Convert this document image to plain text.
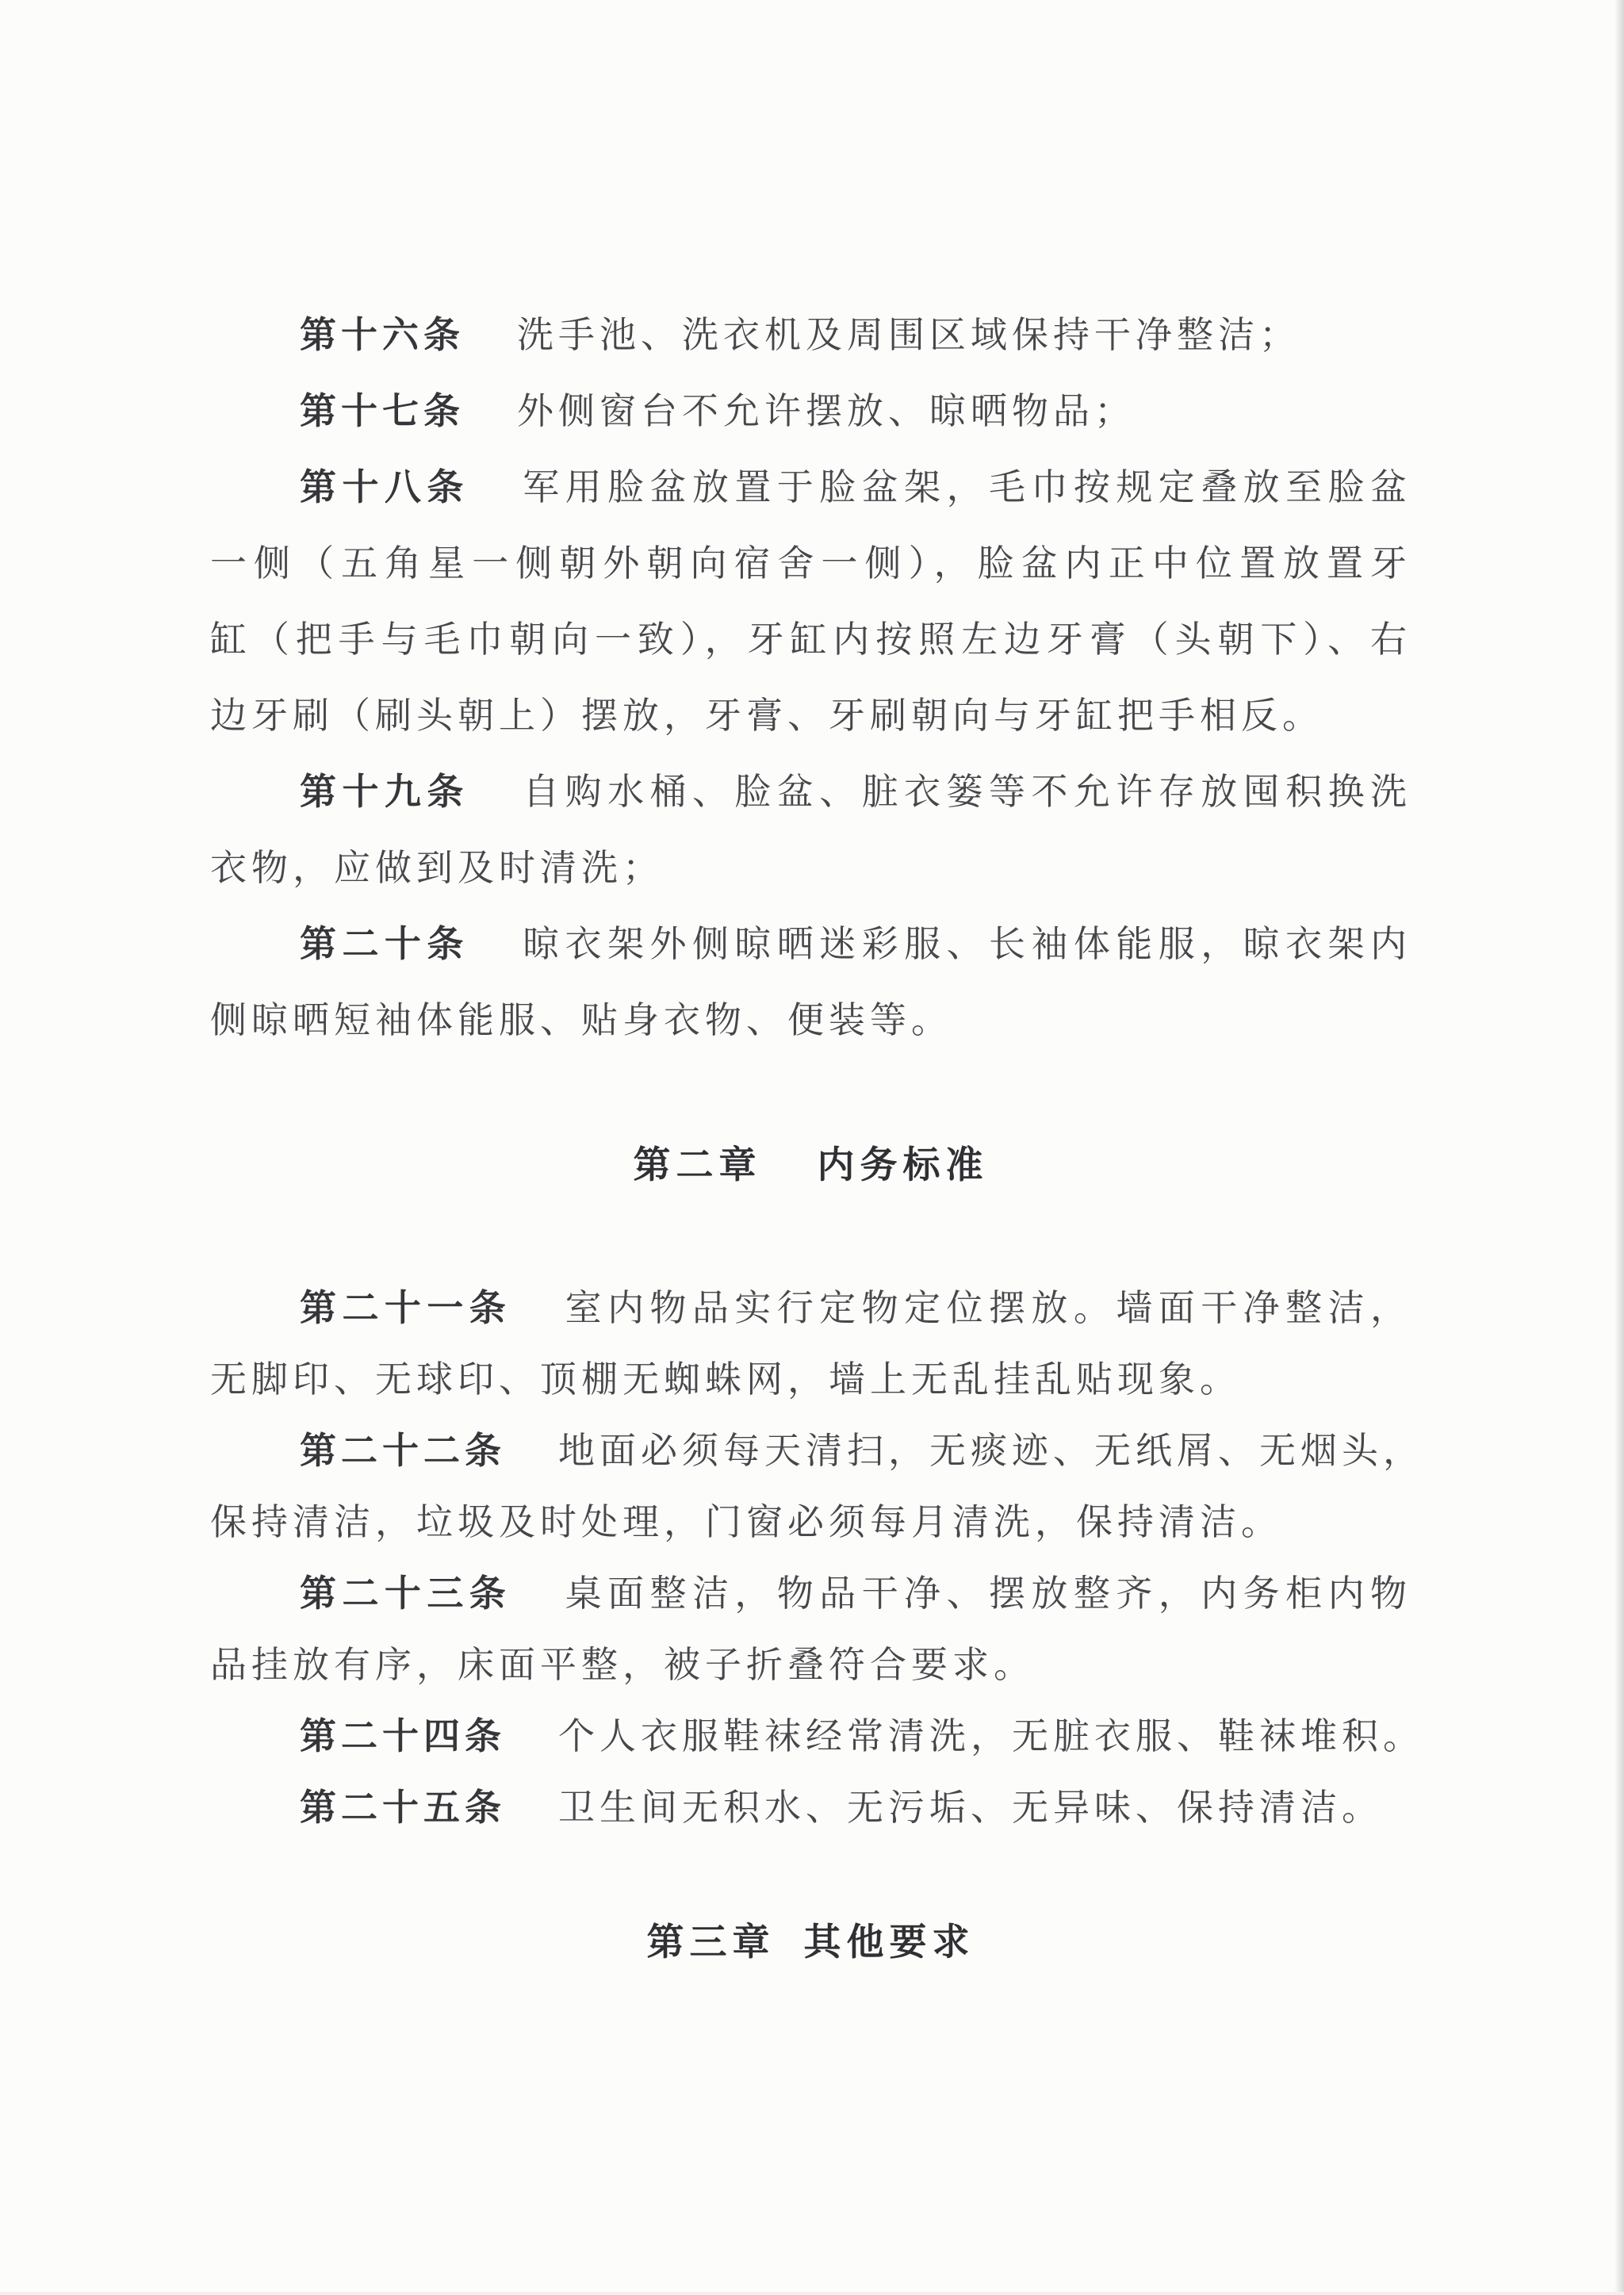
第十六条 洗手池、洗衣机及周围区域保持干净整洁；
第十七条 外侧窗台不允许摆放、晾晒物品；
第十八条 军用脸盆放置于脸盆架，毛巾按规定叠放至脸盆
一侧（五角星一侧朝外朝向宿舍一侧），脸盆内正中位置放置牙
缸（把手与毛巾朝向一致），牙缸内按照左边牙膏（头朝下）、右
边牙刷（刷头朝上）摆放，牙膏、牙刷朝向与牙缸把手相反。
第十九条 自购水桶、脸盆、脏衣篓等不允许存放囤积换洗
衣物，应做到及时清洗；
第二十条 晾衣架外侧晾晒迷彩服、长袖体能服，晾衣架内
侧晾晒短袖体能服、贴身衣物、便装等。
第二章 内务标准
第二十一条 室内物品实行定物定位摆放。墙面干净整洁，
无脚印、无球印、顶棚无蜘蛛网，墙上无乱挂乱贴现象。
第二十二条 地面必须每天清扫，无痰迹、无纸屑、无烟头，
保持清洁，垃圾及时处理，门窗必须每月清洗，保持清洁。
第二十三条 桌面整洁，物品干净、摆放整齐，内务柜内物
品挂放有序，床面平整，被子折叠符合要求。
第二十四条 个人衣服鞋袜经常清洗，无脏衣服、鞋袜堆积。
第二十五条 卫生间无积水、无污垢、无异味、保持清洁。
第三章 其他要求
